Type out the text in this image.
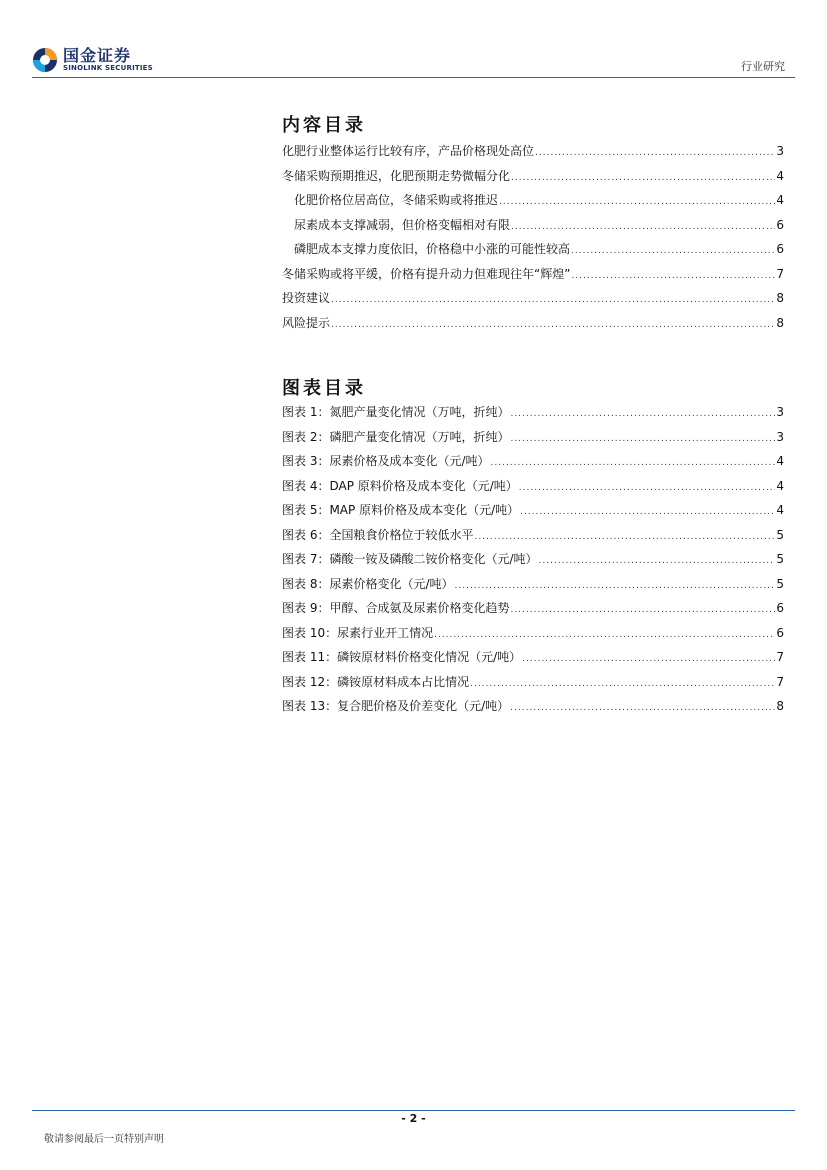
国金证券
SINOLINK SECURITIES	行业研究
内容目录
化肥行业整体运行比较有序，产品价格现处高位 .....	3
冬储采购预期推迟，化肥预期走势微幅分化 .....	4
化肥价格位居高位，冬储采购或将推迟 .....	4
尿素成本支撑减弱，但价格变幅相对有限 .....	6
磷肥成本支撑力度依旧，价格稳中小涨的可能性较高 .....	6
冬储采购或将平缓，价格有提升动力但难现往年“辉煌” .....	7
投资建议 .....	8
风险提示 .....	8
图表目录
图表 1：氮肥产量变化情况（万吨，折纯） .....	3
图表 2：磷肥产量变化情况（万吨，折纯） .....	3
图表 3：尿素价格及成本变化（元/吨） .....	4
图表 4：DAP 原料价格及成本变化（元/吨） .....	4
图表 5：MAP 原料价格及成本变化（元/吨） .....	4
图表 6：全国粮食价格位于较低水平 .....	5
图表 7：磷酸一铵及磷酸二铵价格变化（元/吨） .....	5
图表 8：尿素价格变化（元/吨） .....	5
图表 9：甲醇、合成氨及尿素价格变化趋势 .....	6
图表 10：尿素行业开工情况 .....	6
图表 11：磷铵原材料价格变化情况（元/吨） .....	7
图表 12：磷铵原材料成本占比情况 .....	7
图表 13：复合肥价格及价差变化（元/吨） .....	8
- 2 -
敬请参阅最后一页特别声明
